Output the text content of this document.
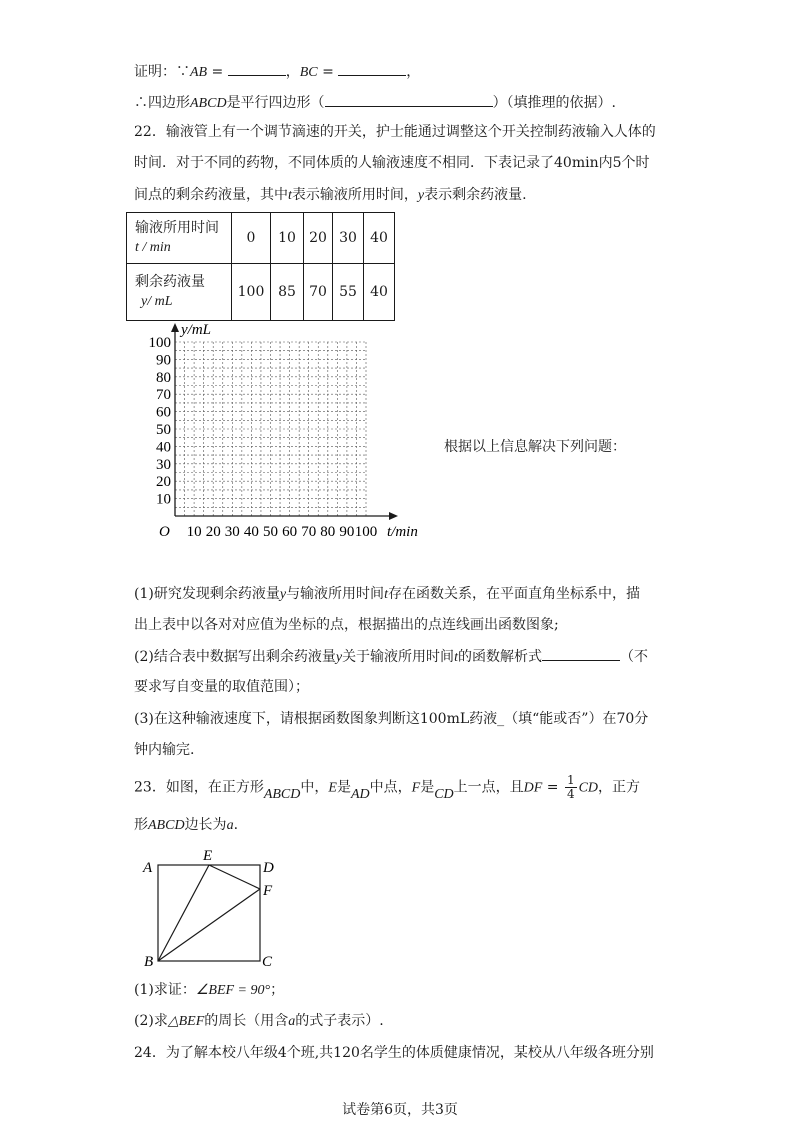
证明：∵AB =	，BC =	，
∴四边形ABCD是平行四边形（	）（填推理的依据）.
22．输液管上有一个调节滴速的开关，护士能通过调整这个开关控制药液输入人体的
时间．对于不同的药物，不同体质的人输液速度不相同．下表记录了40min内5个时
间点的剩余药液量，其中t表示输液所用时间，y表示剩余药液量.
输液所用时间
t / min	0	10	20	30	40

剩余药液量
y/ mL	100	85	70	55	40
10
20
30
40
50
60
70
80
90
100
10 20 30 40 50 60 70 80 90 100
y/mL
t/min
O
根据以上信息解决下列问题：
(1)研究发现剩余药液量y与输液所用时间t存在函数关系，在平面直角坐标系中，描
出上表中以各对对应值为坐标的点，根据描出的点连线画出函数图象;
(2)结合表中数据写出剩余药液量y关于输液所用时间t的函数解析式	（不
要求写自变量的取值范围）；
(3)在这种输液速度下，请根据函数图象判断这100mL药液_（填“能或否”）在70分
钟内输完.
23．如图，在正方形ABCD中，E是AD中点，F是CD上一点，且DF = $\frac{1}{4}$ CD，正方
形ABCD边长为a.
A
E
D
F
B	C
(1)求证：∠BEF = 90°；
(2)求△BEF的周长（用含a的式子表示）.
24．为了解本校八年级4个班,共120名学生的体质健康情况，某校从八年级各班分别
试卷第6页，共3页
